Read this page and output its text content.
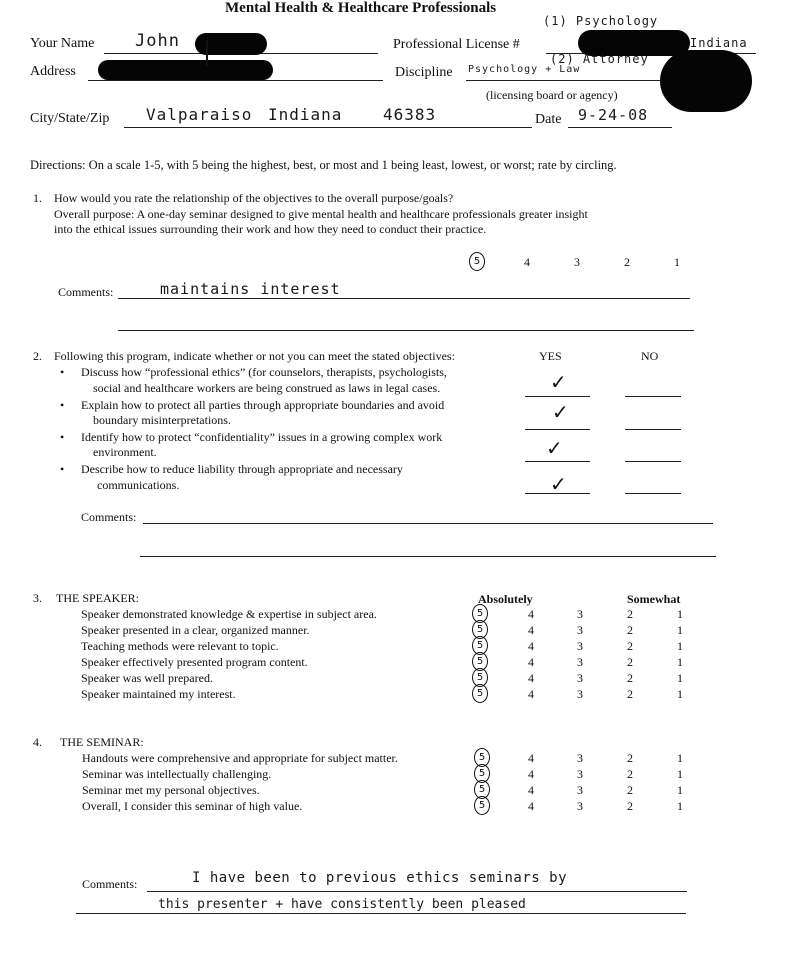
Mental Health & Healthcare Professionals
Your Name John	Professional License #
(1) Psychology
Indiana
Address	Discipline Psychology + Law
(2) Attorney
(licensing board or agency)
City/State/Zip Valparaiso Indiana	46383	Date 9-24-08
Directions: On a scale 1-5, with 5 being the highest, best, or most and 1 being least, lowest, or worst; rate by circling.
1. How would you rate the relationship of the objectives to the overall purpose/goals?
Overall purpose: A one-day seminar designed to give mental health and healthcare professionals greater insight
into the ethical issues surrounding their work and how they need to conduct their practice.
5	4	3	2	1
Comments:	maintains interest
2. Following this program, indicate whether or not you can meet the stated objectives:	YES	NO
• Discuss how “professional ethics” (for counselors, therapists, psychologists,
social and healthcare workers are being construed as laws in legal cases.	✓
• Explain how to protect all parties through appropriate boundaries and avoid
boundary misinterpretations.	✓
• Identify how to protect “confidentiality” issues in a growing complex work
environment.	✓
• Describe how to reduce liability through appropriate and necessary
communications.	✓
Comments:
3. THE SPEAKER:	Absolutely	Somewhat
Speaker demonstrated knowledge & expertise in subject area.	5	4	3	2	1
Speaker presented in a clear, organized manner.	5	4	3	2	1
Teaching methods were relevant to topic.	5	4	3	2	1
Speaker effectively presented program content.	5	4	3	2	1
Speaker was well prepared.	5	4	3	2	1
Speaker maintained my interest.	5	4	3	2	1
4. THE SEMINAR:
Handouts were comprehensive and appropriate for subject matter.	5	4	3	2	1
Seminar was intellectually challenging.	5	4	3	2	1
Seminar met my personal objectives.	5	4	3	2	1
Overall, I consider this seminar of high value.	5	4	3	2	1
Comments:	I have been to previous ethics seminars by
this presenter + have consistently been pleased
